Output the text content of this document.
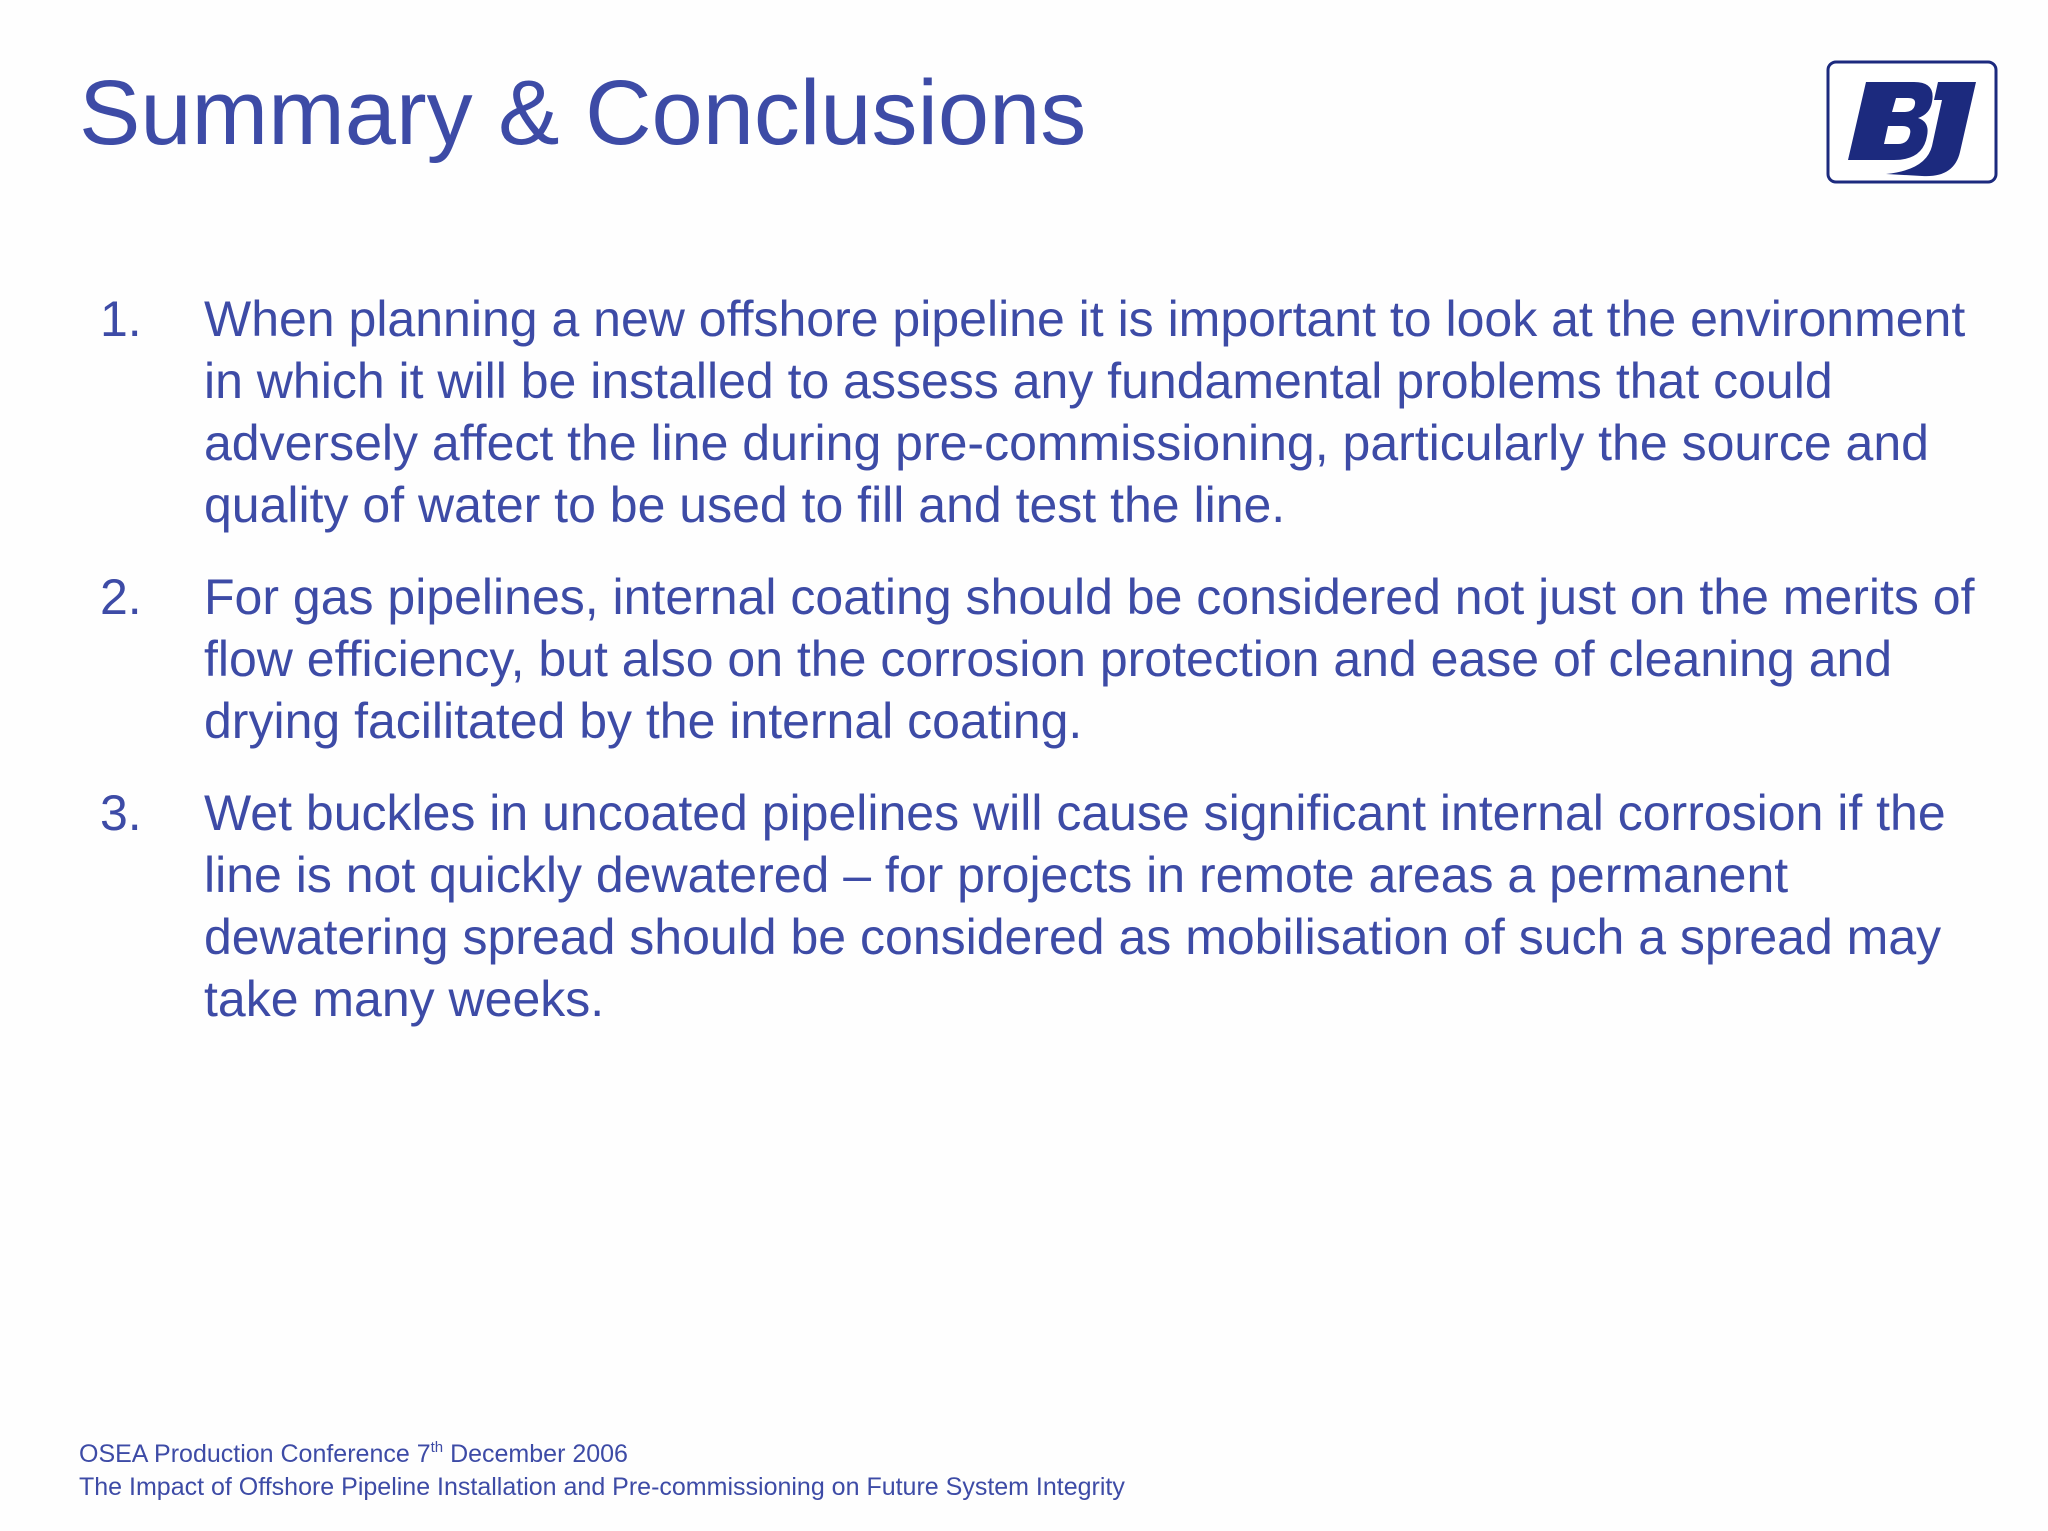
Summary & Conclusions
1. When planning a new offshore pipeline it is important to look at the environment in which it will be installed to assess any fundamental problems that could adversely affect the line during pre-commissioning, particularly the source and quality of water to be used to fill and test the line.
2. For gas pipelines, internal coating should be considered not just on the merits of flow efficiency, but also on the corrosion protection and ease of cleaning and drying facilitated by the internal coating.
3. Wet buckles in uncoated pipelines will cause significant internal corrosion if the line is not quickly dewatered – for projects in remote areas a permanent dewatering spread should be considered as mobilisation of such a spread may take many weeks.
OSEA Production Conference 7th December 2006
The Impact of Offshore Pipeline Installation and Pre-commissioning on Future System Integrity
